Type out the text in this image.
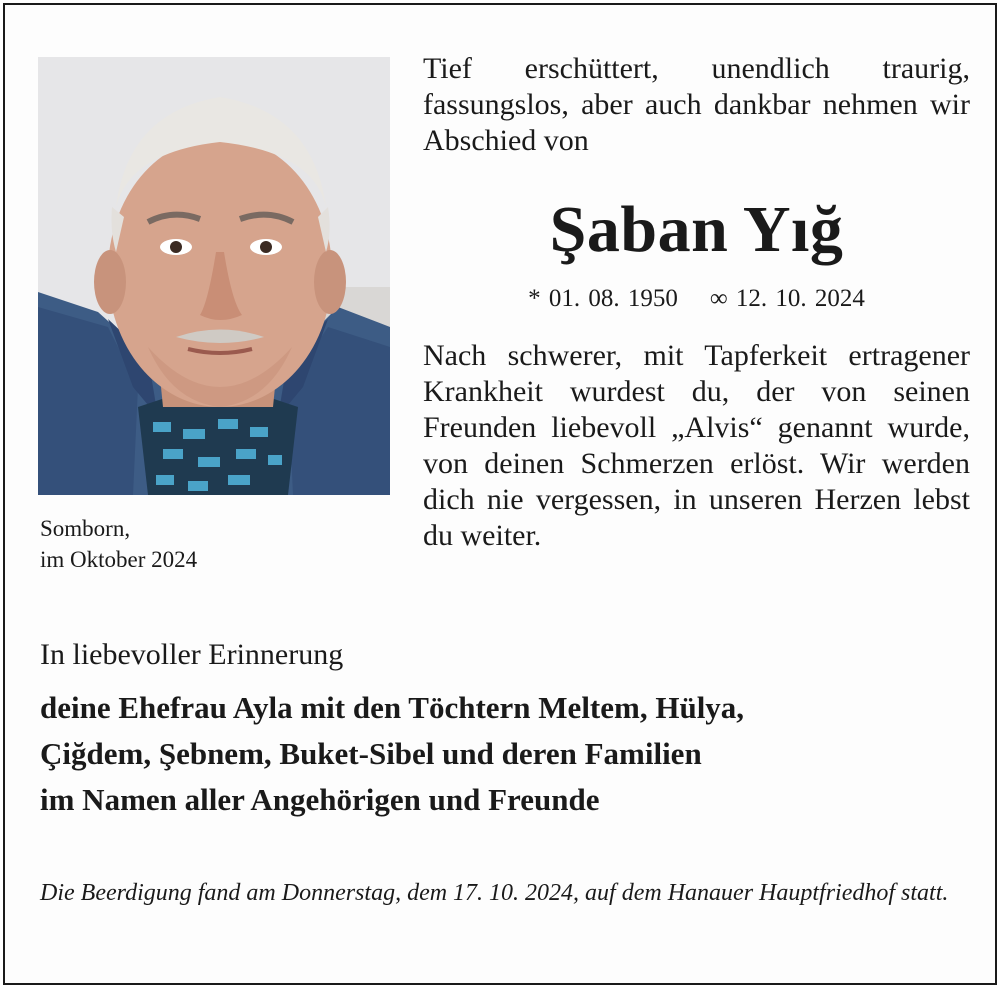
Somborn,
im Oktober 2024
Tief erschüttert, unendlich traurig, fassungslos, aber auch dankbar nehmen wir Abschied von
Şaban Yığ
* 01. 08. 1950 ∞ 12. 10. 2024
Nach schwerer, mit Tapferkeit ertragener Krankheit wurdest du, der von seinen Freunden liebevoll „Alvis“ genannt wurde, von deinen Schmerzen erlöst. Wir werden dich nie vergessen, in unseren Herzen lebst du weiter.
In liebevoller Erinnerung
deine Ehefrau Ayla mit den Töchtern Meltem, Hülya,
Çiğdem, Şebnem, Buket-Sibel und deren Familien
im Namen aller Angehörigen und Freunde
Die Beerdigung fand am Donnerstag, dem 17. 10. 2024, auf dem Hanauer Hauptfriedhof statt.
